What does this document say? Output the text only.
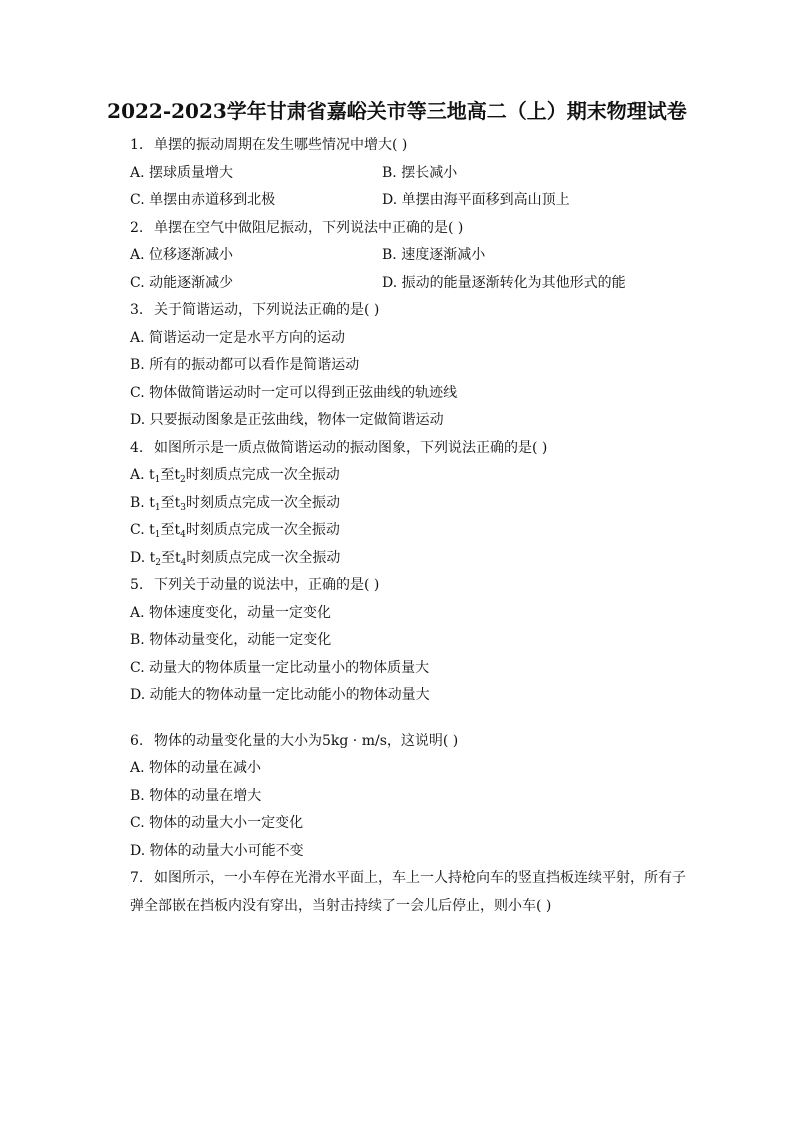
2022-2023学年甘肃省嘉峪关市等三地高二（上）期末物理试卷
1. 单摆的振动周期在发生哪些情况中增大( )
A. 摆球质量增大	B. 摆长减小
C. 单摆由赤道移到北极	D. 单摆由海平面移到高山顶上
2. 单摆在空气中做阻尼振动，下列说法中正确的是( )
A. 位移逐渐减小	B. 速度逐渐减小
C. 动能逐渐减少	D. 振动的能量逐渐转化为其他形式的能
3. 关于简谐运动，下列说法正确的是( )
A. 简谐运动一定是水平方向的运动
B. 所有的振动都可以看作是简谐运动
C. 物体做简谐运动时一定可以得到正弦曲线的轨迹线
D. 只要振动图象是正弦曲线，物体一定做简谐运动
4. 如图所示是一质点做简谐运动的振动图象，下列说法正确的是( )
A. $t_1$至$t_2$时刻质点完成一次全振动
B. $t_1$至$t_3$时刻质点完成一次全振动
C. $t_1$至$t_4$时刻质点完成一次全振动
D. $t_2$至$t_4$时刻质点完成一次全振动
5. 下列关于动量的说法中，正确的是( )
A. 物体速度变化，动量一定变化
B. 物体动量变化，动能一定变化
C. 动量大的物体质量一定比动量小的物体质量大
D. 动能大的物体动量一定比动能小的物体动量大
6. 物体的动量变化量的大小为5kg · m/s，这说明( )
A. 物体的动量在减小
B. 物体的动量在增大
C. 物体的动量大小一定变化
D. 物体的动量大小可能不变
7. 如图所示，一小车停在光滑水平面上，车上一人持枪向车的竖直挡板连续平射，所有子
弹全部嵌在挡板内没有穿出，当射击持续了一会儿后停止，则小车( )
